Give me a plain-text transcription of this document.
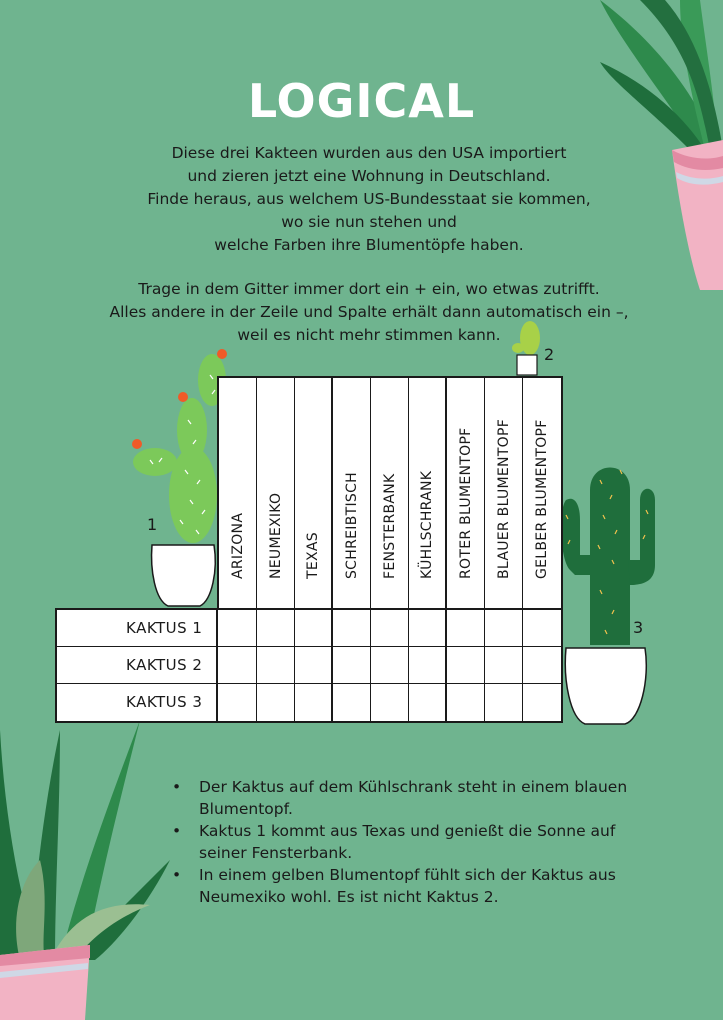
LOGICAL

Diese drei Kakteen wurden aus den USA importiert

und zieren jetzt eine Wohnung in Deutschland.

Finde heraus, aus welchem US-Bundesstaat sie kommen,

wo sie nun stehen und

welche Farben ihre Blumentöpfe haben.

Trage in dem Gitter immer dort ein + ein, wo etwas zutrifft.

Alles andere in der Zeile und Spalte erhält dann automatisch ein –,

weil es nicht mehr stimmen kann.

1
2
3
ARIZONA NEUMEXIKO TEXAS SCHREIBTISCH FENSTERBANK KÜHLSCHRANK ROTER BLUMENTOPF BLAUER BLUMENTOPF GELBER BLUMENTOPF
KAKTUS 1
KAKTUS 2
KAKTUS 3
• Der Kaktus auf dem Kühlschrank steht in einem blauen Blumentopf.
• Kaktus 1 kommt aus Texas und genießt die Sonne auf seiner Fensterbank.
• In einem gelben Blumentopf fühlt sich der Kaktus aus Neumexiko wohl. Es ist nicht Kaktus 2.
